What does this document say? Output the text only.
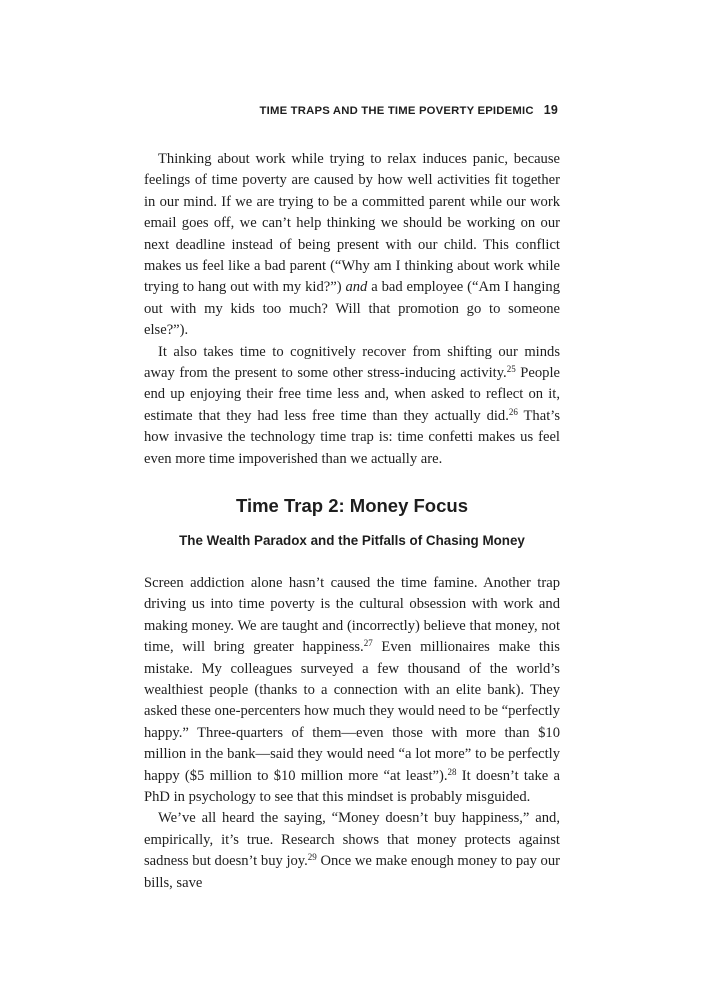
TIME TRAPS AND THE TIME POVERTY EPIDEMIC 19

Thinking about work while trying to relax induces panic, because feelings of time poverty are caused by how well activities fit together in our mind. If we are trying to be a committed parent while our work email goes off, we can’t help thinking we should be working on our next deadline instead of being present with our child. This conflict makes us feel like a bad parent (“Why am I thinking about work while trying to hang out with my kid?”) and a bad employee (“Am I hanging out with my kids too much? Will that promotion go to someone else?”).

It also takes time to cognitively recover from shifting our minds away from the present to some other stress-inducing activity.$^{25}$ People end up enjoying their free time less and, when asked to reflect on it, estimate that they had less free time than they actually did.$^{26}$ That’s how invasive the technology time trap is: time confetti makes us feel even more time impoverished than we actually are.

Time Trap 2: Money Focus
The Wealth Paradox and the Pitfalls of Chasing Money

Screen addiction alone hasn’t caused the time famine. Another trap driving us into time poverty is the cultural obsession with work and making money. We are taught and (incorrectly) believe that money, not time, will bring greater happiness.$^{27}$ Even millionaires make this mistake. My colleagues surveyed a few thousand of the world’s wealthiest people (thanks to a connection with an elite bank). They asked these one-percenters how much they would need to be “perfectly happy.” Three-quarters of them—even those with more than $10 million in the bank—said they would need “a lot more” to be perfectly happy ($5 million to $10 million more “at least”).$^{28}$ It doesn’t take a PhD in psychology to see that this mindset is probably misguided.

We’ve all heard the saying, “Money doesn’t buy happiness,” and, empirically, it’s true. Research shows that money protects against sadness but doesn’t buy joy.$^{29}$ Once we make enough money to pay our bills, save
